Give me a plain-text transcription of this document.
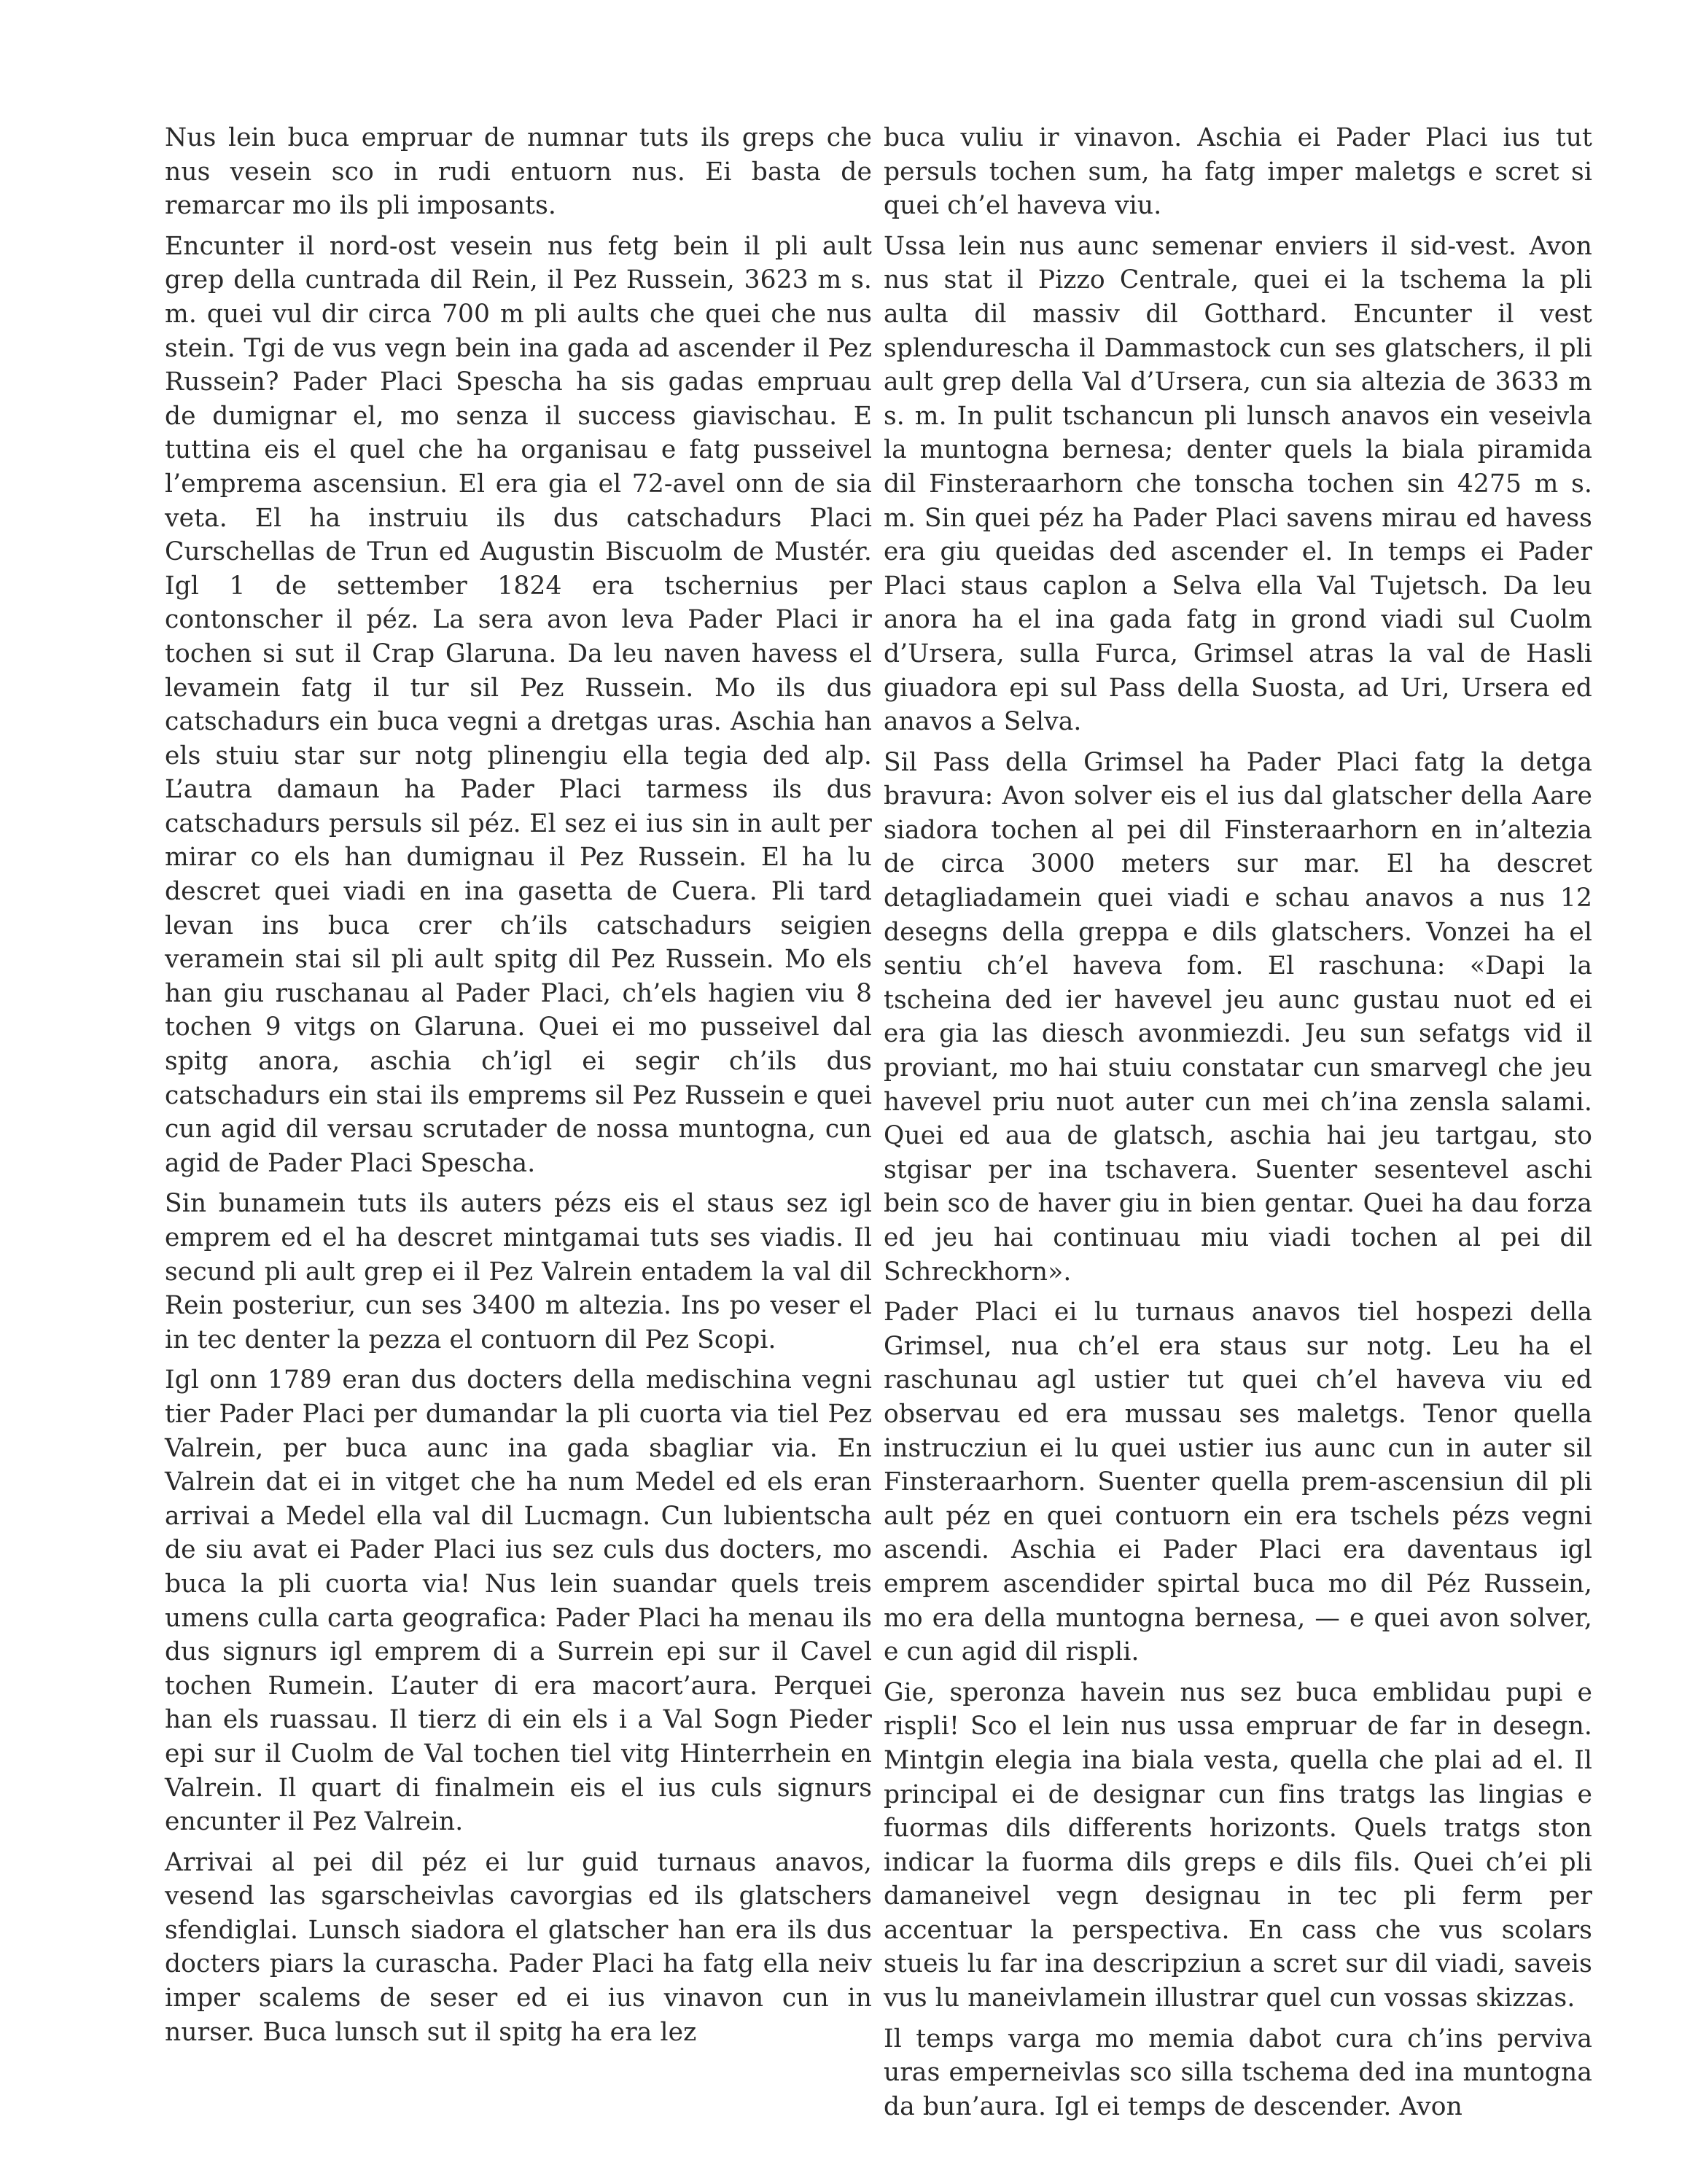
Nus lein buca empruar de numnar tuts ils greps che nus vesein sco in rudi entuorn nus. Ei basta de remarcar mo ils pli imposants.

Encunter il nord-ost vesein nus fetg bein il pli ault grep della cuntrada dil Rein, il Pez Russein, 3623 m s. m. quei vul dir circa 700 m pli aults che quei che nus stein. Tgi de vus vegn bein ina gada ad ascender il Pez Russein? Pader Placi Spescha ha sis gadas empruau de dumignar el, mo senza il success giavischau. E tuttina eis el quel che ha organisau e fatg pusseivel l’emprema ascensiun. El era gia el 72-avel onn de sia veta. El ha instruiu ils dus catschadurs Placi Curschellas de Trun ed Augustin Biscuolm de Mustér. Igl 1 de settember 1824 era tschernius per contonscher il péz. La sera avon leva Pader Placi ir tochen si sut il Crap Glaruna. Da leu naven havess el levamein fatg il tur sil Pez Russein. Mo ils dus catschadurs ein buca vegni a dretgas uras. Aschia han els stuiu star sur notg plinengiu ella tegia ded alp. L’autra damaun ha Pader Placi tarmess ils dus catschadurs persuls sil péz. El sez ei ius sin in ault per mirar co els han dumignau il Pez Russein. El ha lu descret quei viadi en ina gasetta de Cuera. Pli tard levan ins buca crer ch’ils catschadurs seigien veramein stai sil pli ault spitg dil Pez Russein. Mo els han giu ruschanau al Pader Placi, ch’els hagien viu 8 tochen 9 vitgs on Glaruna. Quei ei mo pusseivel dal spitg anora, aschia ch’igl ei segir ch’ils dus catschadurs ein stai ils emprems sil Pez Russein e quei cun agid dil versau scrutader de nossa muntogna, cun agid de Pader Placi Spescha.

Sin bunamein tuts ils auters pézs eis el staus sez igl emprem ed el ha descret mintgamai tuts ses viadis. Il secund pli ault grep ei il Pez Valrein entadem la val dil Rein posteriur, cun ses 3400 m altezia. Ins po veser el in tec denter la pezza el contuorn dil Pez Scopi.

Igl onn 1789 eran dus docters della medischina vegni tier Pader Placi per dumandar la pli cuorta via tiel Pez Valrein, per buca aunc ina gada sbagliar via. En Valrein dat ei in vitget che ha num Medel ed els eran arrivai a Medel ella val dil Lucmagn. Cun lubientscha de siu avat ei Pader Placi ius sez culs dus docters, mo buca la pli cuorta via! Nus lein suandar quels treis umens culla carta geografica: Pader Placi ha menau ils dus signurs igl emprem di a Surrein epi sur il Cavel tochen Rumein. L’auter di era macort’aura. Perquei han els ruassau. Il tierz di ein els i a Val Sogn Pieder epi sur il Cuolm de Val tochen tiel vitg Hinterrhein en Valrein. Il quart di finalmein eis el ius culs signurs encunter il Pez Valrein.

Arrivai al pei dil péz ei lur guid turnaus anavos, vesend las sgarscheivlas cavorgias ed ils glatschers sfendiglai. Lunsch siadora el glatscher han era ils dus docters piars la curascha. Pader Placi ha fatg ella neiv imper scalems de seser ed ei ius vinavon cun in nurser. Buca lunsch sut il spitg ha era lez

buca vuliu ir vinavon. Aschia ei Pader Placi ius tut persuls tochen sum, ha fatg imper maletgs e scret si quei ch’el haveva viu.

Ussa lein nus aunc semenar enviers il sid-vest. Avon nus stat il Pizzo Centrale, quei ei la tschema la pli aulta dil massiv dil Gotthard. Encunter il vest splendurescha il Dammastock cun ses glatschers, il pli ault grep della Val d’Ursera, cun sia altezia de 3633 m s. m. In pulit tschancun pli lunsch anavos ein veseivla la muntogna bernesa; denter quels la biala piramida dil Finsteraarhorn che tonscha tochen sin 4275 m s. m. Sin quei péz ha Pader Placi savens mirau ed havess era giu queidas ded ascender el. In temps ei Pader Placi staus caplon a Selva ella Val Tujetsch. Da leu anora ha el ina gada fatg in grond viadi sul Cuolm d’Ursera, sulla Furca, Grimsel atras la val de Hasli giuadora epi sul Pass della Suosta, ad Uri, Ursera ed anavos a Selva.

Sil Pass della Grimsel ha Pader Placi fatg la detga bravura: Avon solver eis el ius dal glatscher della Aare siadora tochen al pei dil Finsteraarhorn en in’altezia de circa 3000 meters sur mar. El ha descret detagliadamein quei viadi e schau anavos a nus 12 desegns della greppa e dils glatschers. Vonzei ha el sentiu ch’el haveva fom. El raschuna: «Dapi la tscheina ded ier havevel jeu aunc gustau nuot ed ei era gia las diesch avonmiezdi. Jeu sun sefatgs vid il proviant, mo hai stuiu constatar cun smarvegl che jeu havevel priu nuot auter cun mei ch’ina zensla salami. Quei ed aua de glatsch, aschia hai jeu tartgau, sto stgisar per ina tschavera. Suenter sesentevel aschi bein sco de haver giu in bien gentar. Quei ha dau forza ed jeu hai continuau miu viadi tochen al pei dil Schreckhorn».

Pader Placi ei lu turnaus anavos tiel hospezi della Grimsel, nua ch’el era staus sur notg. Leu ha el raschunau agl ustier tut quei ch’el haveva viu ed observau ed era mussau ses maletgs. Tenor quella instrucziun ei lu quei ustier ius aunc cun in auter sil Finsteraarhorn. Suenter quella prem-ascensiun dil pli ault péz en quei contuorn ein era tschels pézs vegni ascendi. Aschia ei Pader Placi era daventaus igl emprem ascendider spirtal buca mo dil Péz Russein, mo era della muntogna bernesa, — e quei avon solver, e cun agid dil rispli.

Gie, speronza havein nus sez buca emblidau pupi e rispli! Sco el lein nus ussa empruar de far in desegn. Mintgin elegia ina biala vesta, quella che plai ad el. Il principal ei de designar cun fins tratgs las lingias e fuormas dils differents horizonts. Quels tratgs ston indicar la fuorma dils greps e dils fils. Quei ch’ei pli damaneivel vegn designau in tec pli ferm per accentuar la perspectiva. En cass che vus scolars stueis lu far ina descripziun a scret sur dil viadi, saveis vus lu maneivlamein illustrar quel cun vossas skizzas.

Il temps varga mo memia dabot cura ch’ins perviva uras emperneivlas sco silla tschema ded ina muntogna da bun’aura. Igl ei temps de descender. Avon
